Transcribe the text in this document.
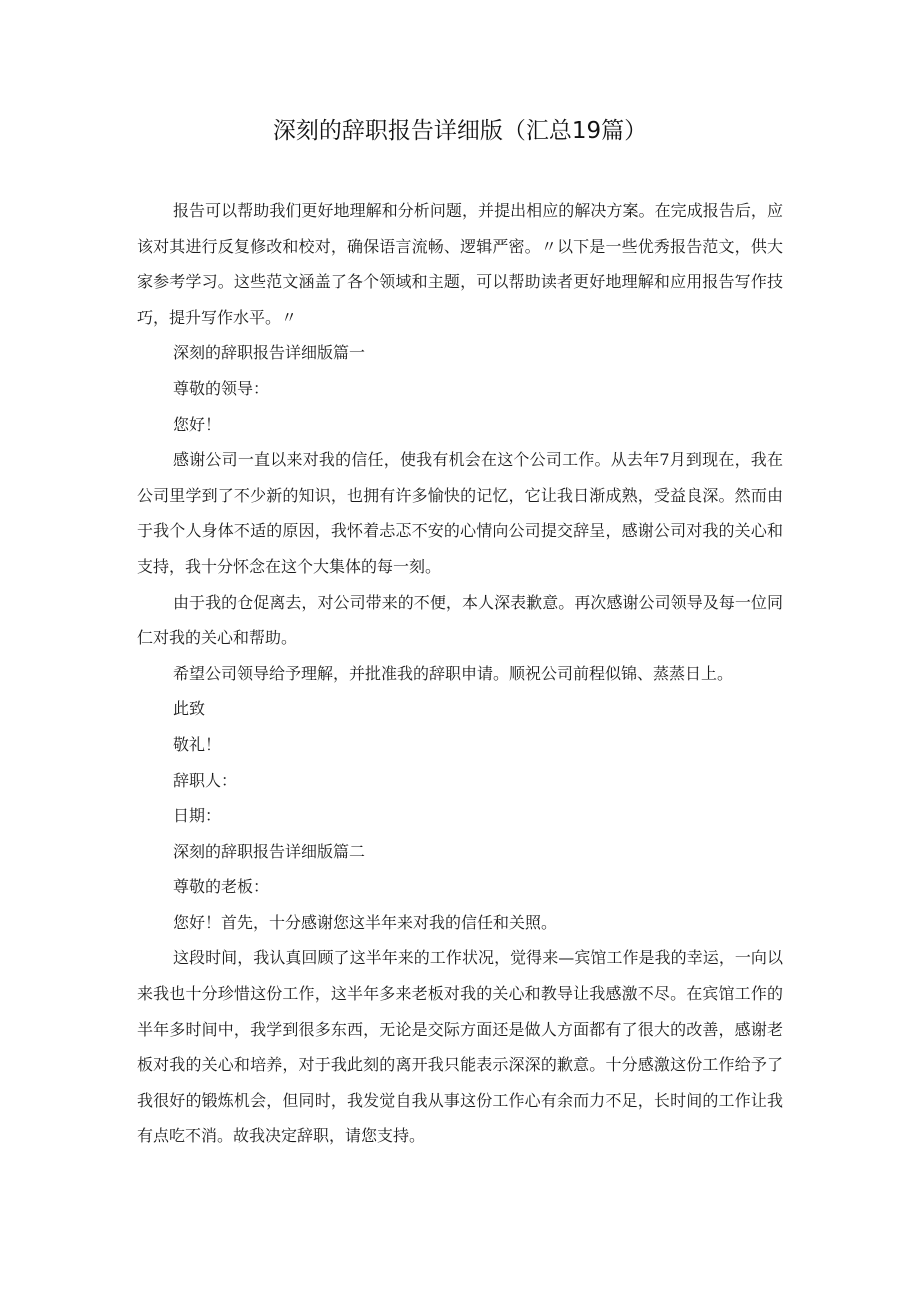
深刻的辞职报告详细版（汇总19篇）

报告可以帮助我们更好地理解和分析问题，并提出相应的解决方案。在完成报告后，应该对其进行反复修改和校对，确保语言流畅、逻辑严密。〃以下是一些优秀报告范文，供大家参考学习。这些范文涵盖了各个领域和主题，可以帮助读者更好地理解和应用报告写作技巧，提升写作水平。〃

深刻的辞职报告详细版篇一

尊敬的领导：

您好！

感谢公司一直以来对我的信任，使我有机会在这个公司工作。从去年7月到现在，我在公司里学到了不少新的知识，也拥有许多愉快的记忆，它让我日渐成熟，受益良深。然而由于我个人身体不适的原因，我怀着忐忑不安的心情向公司提交辞呈，感谢公司对我的关心和支持，我十分怀念在这个大集体的每一刻。

由于我的仓促离去，对公司带来的不便，本人深表歉意。再次感谢公司领导及每一位同仁对我的关心和帮助。

希望公司领导给予理解，并批准我的辞职申请。顺祝公司前程似锦、蒸蒸日上。

此致

敬礼！

辞职人：

日期：

深刻的辞职报告详细版篇二

尊敬的老板：

您好！首先，十分感谢您这半年来对我的信任和关照。

这段时间，我认真回顾了这半年来的工作状况，觉得来—宾馆工作是我的幸运，一向以来我也十分珍惜这份工作，这半年多来老板对我的关心和教导让我感激不尽。在宾馆工作的半年多时间中，我学到很多东西，无论是交际方面还是做人方面都有了很大的改善，感谢老板对我的关心和培养，对于我此刻的离开我只能表示深深的歉意。十分感激这份工作给予了我很好的锻炼机会，但同时，我发觉自我从事这份工作心有余而力不足，长时间的工作让我有点吃不消。故我决定辞职，请您支持。
